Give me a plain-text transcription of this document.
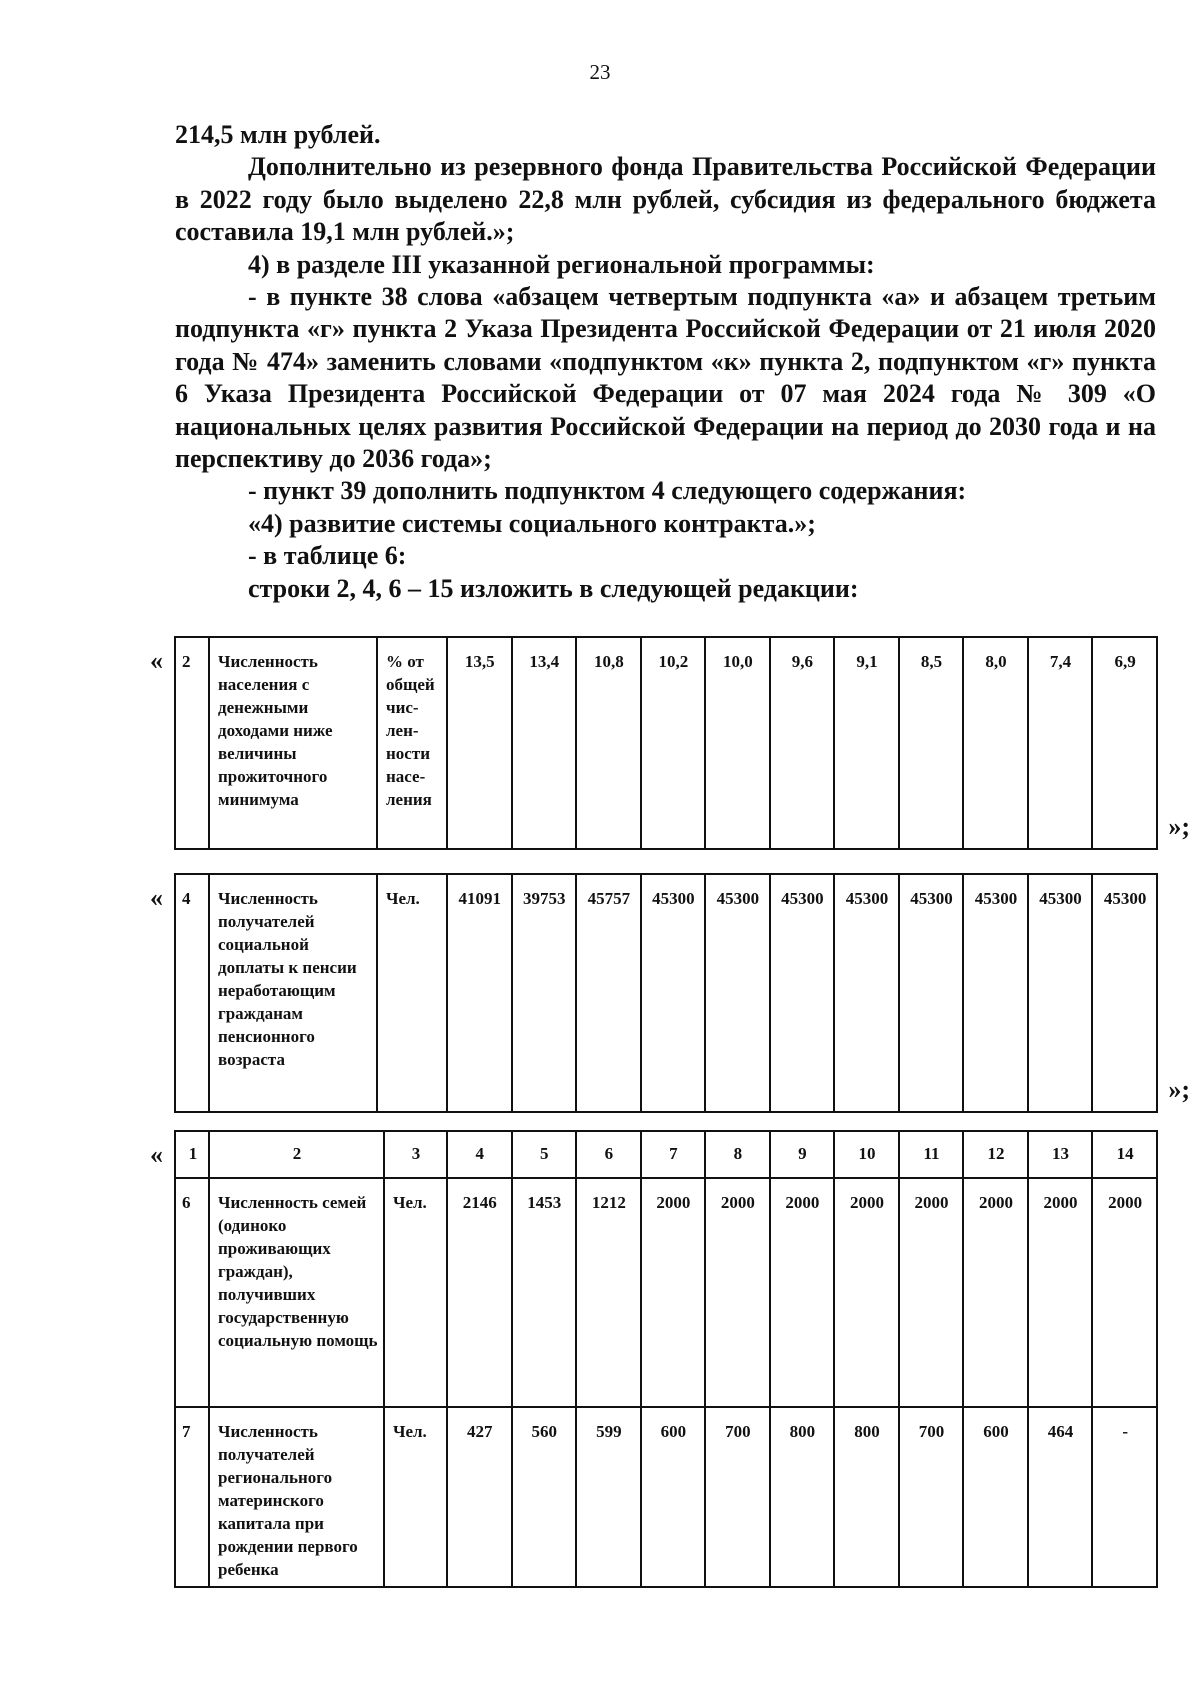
23

214,5 млн рублей.

Дополнительно из резервного фонда Правительства Российской Федерации в 2022 году было выделено 22,8 млн рублей, субсидия из федерального бюджета составила 19,1 млн рублей.»;

4) в разделе III указанной региональной программы:

- в пункте 38 слова «абзацем четвертым подпункта «а» и абзацем третьим подпункта «г» пункта 2 Указа Президента Российской Федерации от 21 июля 2020 года № 474» заменить словами «подпунктом «к» пункта 2, подпунктом «г» пункта 6 Указа Президента Российской Федерации от 07 мая 2024 года № 309 «О национальных целях развития Российской Федерации на период до 2030 года и на перспективу до 2036 года»;

- пункт 39 дополнить подпунктом 4 следующего содержания:

«4) развитие системы социального контракта.»;

- в таблице 6:

строки 2, 4, 6 – 15 изложить в следующей редакции:

« 2	Численность населения с денежными доходами ниже величины прожиточного минимума	% от общей чис- лен- ности насе- ления	13,5	13,4	10,8	10,2	10,0	9,6	9,1	8,5	8,0	7,4	6,9
»;
« 4	Численность получателей социальной доплаты к пенсии неработающим гражданам пенсионного возраста	Чел.	41091	39753	45757	45300	45300	45300	45300	45300	45300	45300	45300
»;
« 1	2	3	4	5	6	7	8	9	10	11	12	13	14
6	Численность семей (одиноко проживающих граждан), получивших государственную социальную помощь	Чел.	2146	1453	1212	2000	2000	2000	2000	2000	2000	2000	2000
7	Численность получателей регионального материнского капитала при рождении первого ребенка	Чел.	427	560	599	600	700	800	800	700	600	464	-
